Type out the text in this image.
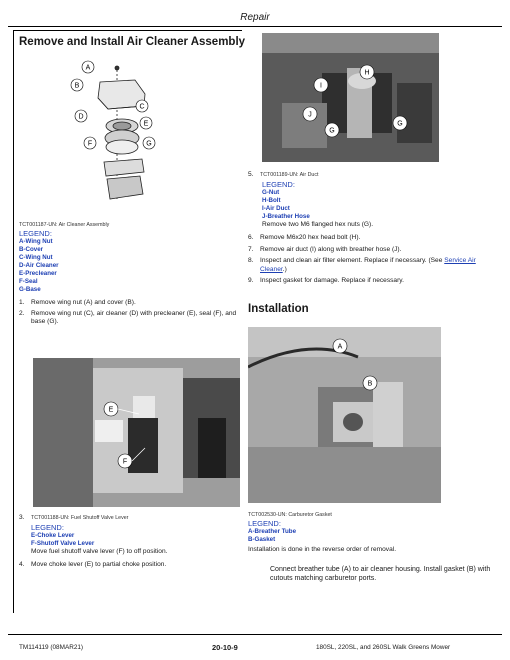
Repair
Remove and Install Air Cleaner Assembly
A
B
C
D
E
F	G
TCT001187-UN: Air Cleaner Assembly
LEGEND:
A-Wing Nut
B-Cover
C-Wing Nut
D-Air Cleaner
E-Precleaner
F-Seal
G-Base
1. Remove wing nut (A) and cover (B).
2. Remove wing nut (C), air cleaner (D) with precleaner (E), seal (F), and base (G).
E
F
3.	TCT001188-UN: Fuel Shutoff Valve Lever
LEGEND:
E-Choke Lever
F-Shutoff Valve Lever
Move fuel shutoff valve lever (F) to off position.
4. Move choke lever (E) to partial choke position.
H
I
J
G
G
5.	TCT001189-UN: Air Duct
LEGEND:
G-Nut
H-Bolt
I-Air Duct
J-Breather Hose
Remove two M6 flanged hex nuts (G).
6. Remove M6x20 hex head bolt (H).
7. Remove air duct (I) along with breather hose (J).
8. Inspect and clean air filter element. Replace if necessary. (See Service Air Cleaner.)
9. Inspect gasket for damage. Replace if necessary.
Installation
A
B
TCT002530-UN: Carburetor Gasket
LEGEND:
A-Breather Tube
B-Gasket
Installation is done in the reverse order of removal.
Connect breather tube (A) to air cleaner housing. Install gasket (B) with cutouts matching carburetor ports.
TM114119 (08MAR21)	20-10-9	180SL, 220SL, and 260SL Walk Greens Mower
